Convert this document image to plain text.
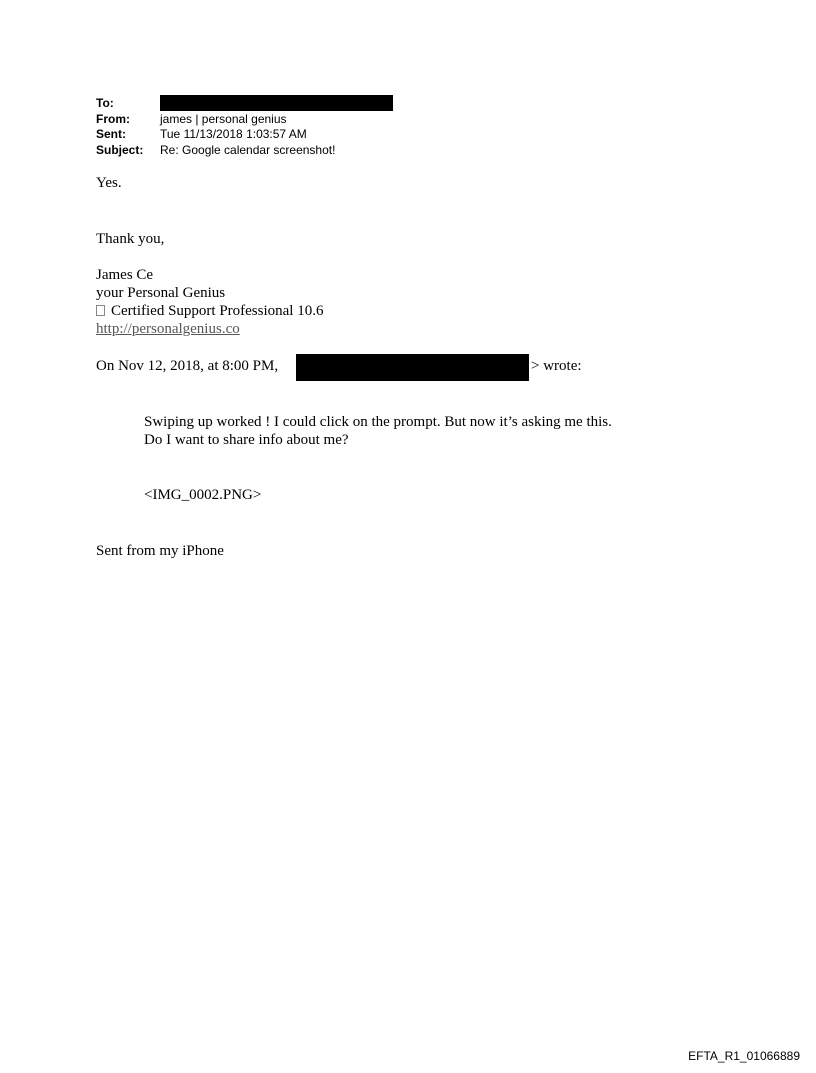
To:
From:	james | personal genius
Sent:	Tue 11/13/2018 1:03:57 AM
Subject:	Re: Google calendar screenshot!
Yes.
Thank you,
James Ce
your Personal Genius
Certified Support Professional 10.6
http://personalgenius.co
On Nov 12, 2018, at 8:00 PM,	> wrote:
Swiping up worked ! I could click on the prompt. But now it’s asking me this.
Do I want to share info about me?
<IMG_0002.PNG>
Sent from my iPhone
EFTA_R1_01066889
